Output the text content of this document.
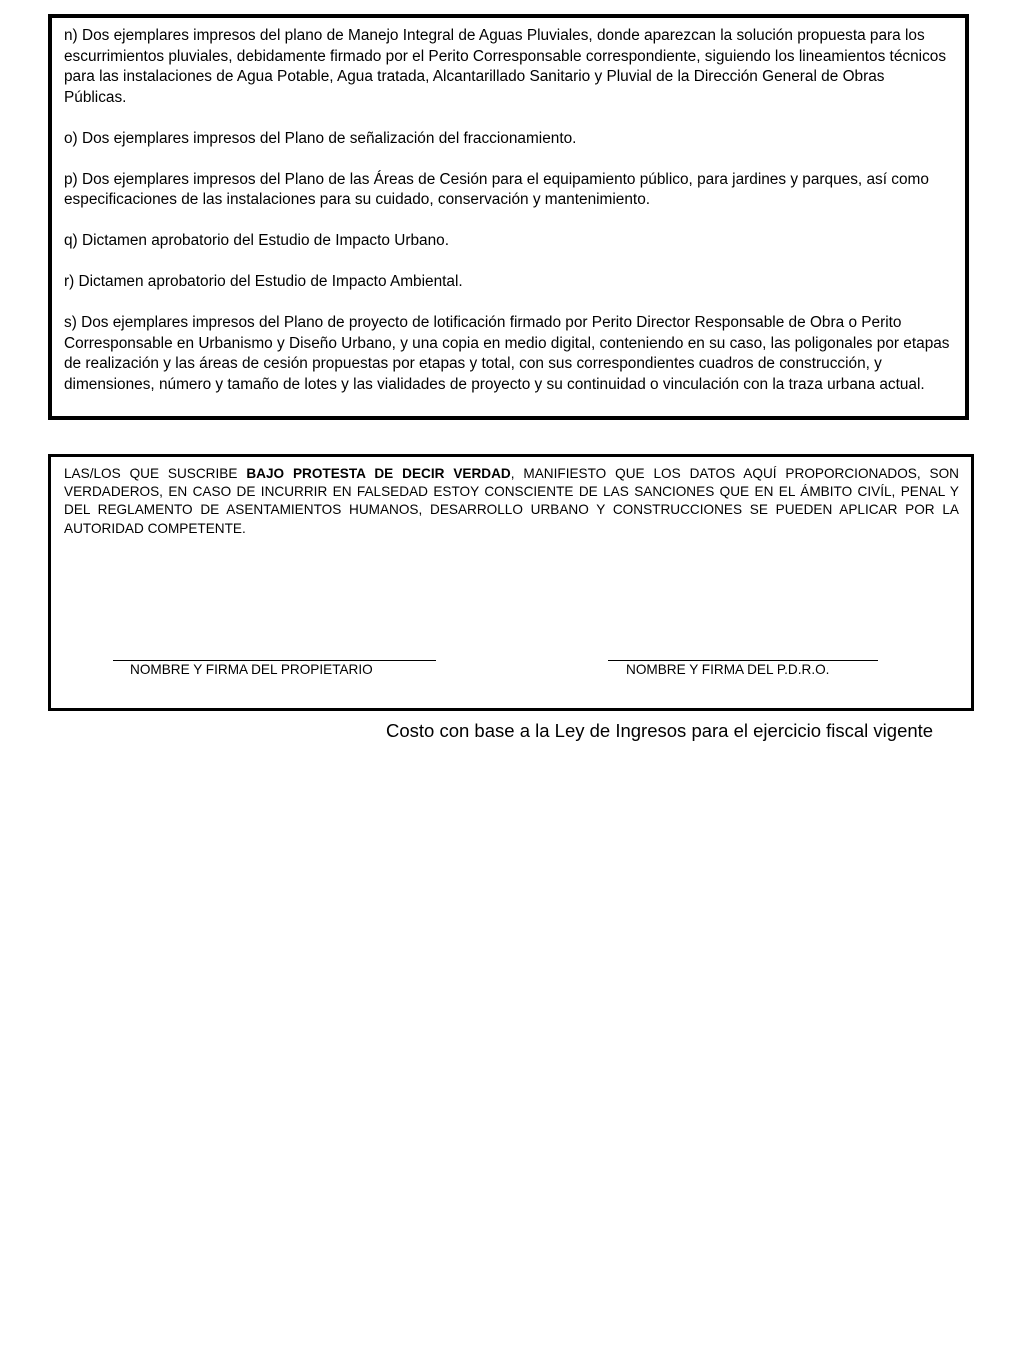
n) Dos ejemplares impresos del plano de Manejo Integral de Aguas Pluviales, donde aparezcan la solución propuesta para los escurrimientos pluviales, debidamente firmado por el Perito Corresponsable correspondiente, siguiendo los lineamientos técnicos para las instalaciones de Agua Potable, Agua tratada, Alcantarillado Sanitario y Pluvial de la Dirección General de Obras Públicas.

o) Dos ejemplares impresos del Plano de señalización del fraccionamiento.

p) Dos ejemplares impresos del Plano de las Áreas de Cesión para el equipamiento público, para jardines y parques, así como especificaciones de las instalaciones para su cuidado, conservación y mantenimiento.

q) Dictamen aprobatorio del Estudio de Impacto Urbano.

r) Dictamen aprobatorio del Estudio de Impacto Ambiental.

s) Dos ejemplares impresos del Plano de proyecto de lotificación firmado por Perito Director Responsable de Obra o Perito Corresponsable en Urbanismo y Diseño Urbano, y una copia en medio digital, conteniendo en su caso, las poligonales por etapas de realización y las áreas de cesión propuestas por etapas y total, con sus correspondientes cuadros de construcción, y dimensiones, número y tamaño de lotes y las vialidades de proyecto y su continuidad o vinculación con la traza urbana actual.

LAS/LOS QUE SUSCRIBE BAJO PROTESTA DE DECIR VERDAD, MANIFIESTO QUE LOS DATOS AQUÍ PROPORCIONADOS, SON VERDADEROS, EN CASO DE INCURRIR EN FALSEDAD ESTOY CONSCIENTE DE LAS SANCIONES QUE EN EL ÁMBITO CIVÍL, PENAL Y DEL REGLAMENTO DE ASENTAMIENTOS HUMANOS, DESARROLLO URBANO Y CONSTRUCCIONES SE PUEDEN APLICAR POR LA AUTORIDAD COMPETENTE.

NOMBRE Y FIRMA DEL PROPIETARIO	NOMBRE Y FIRMA DEL P.D.R.O.
Costo con base a la Ley de Ingresos para el ejercicio fiscal vigente
